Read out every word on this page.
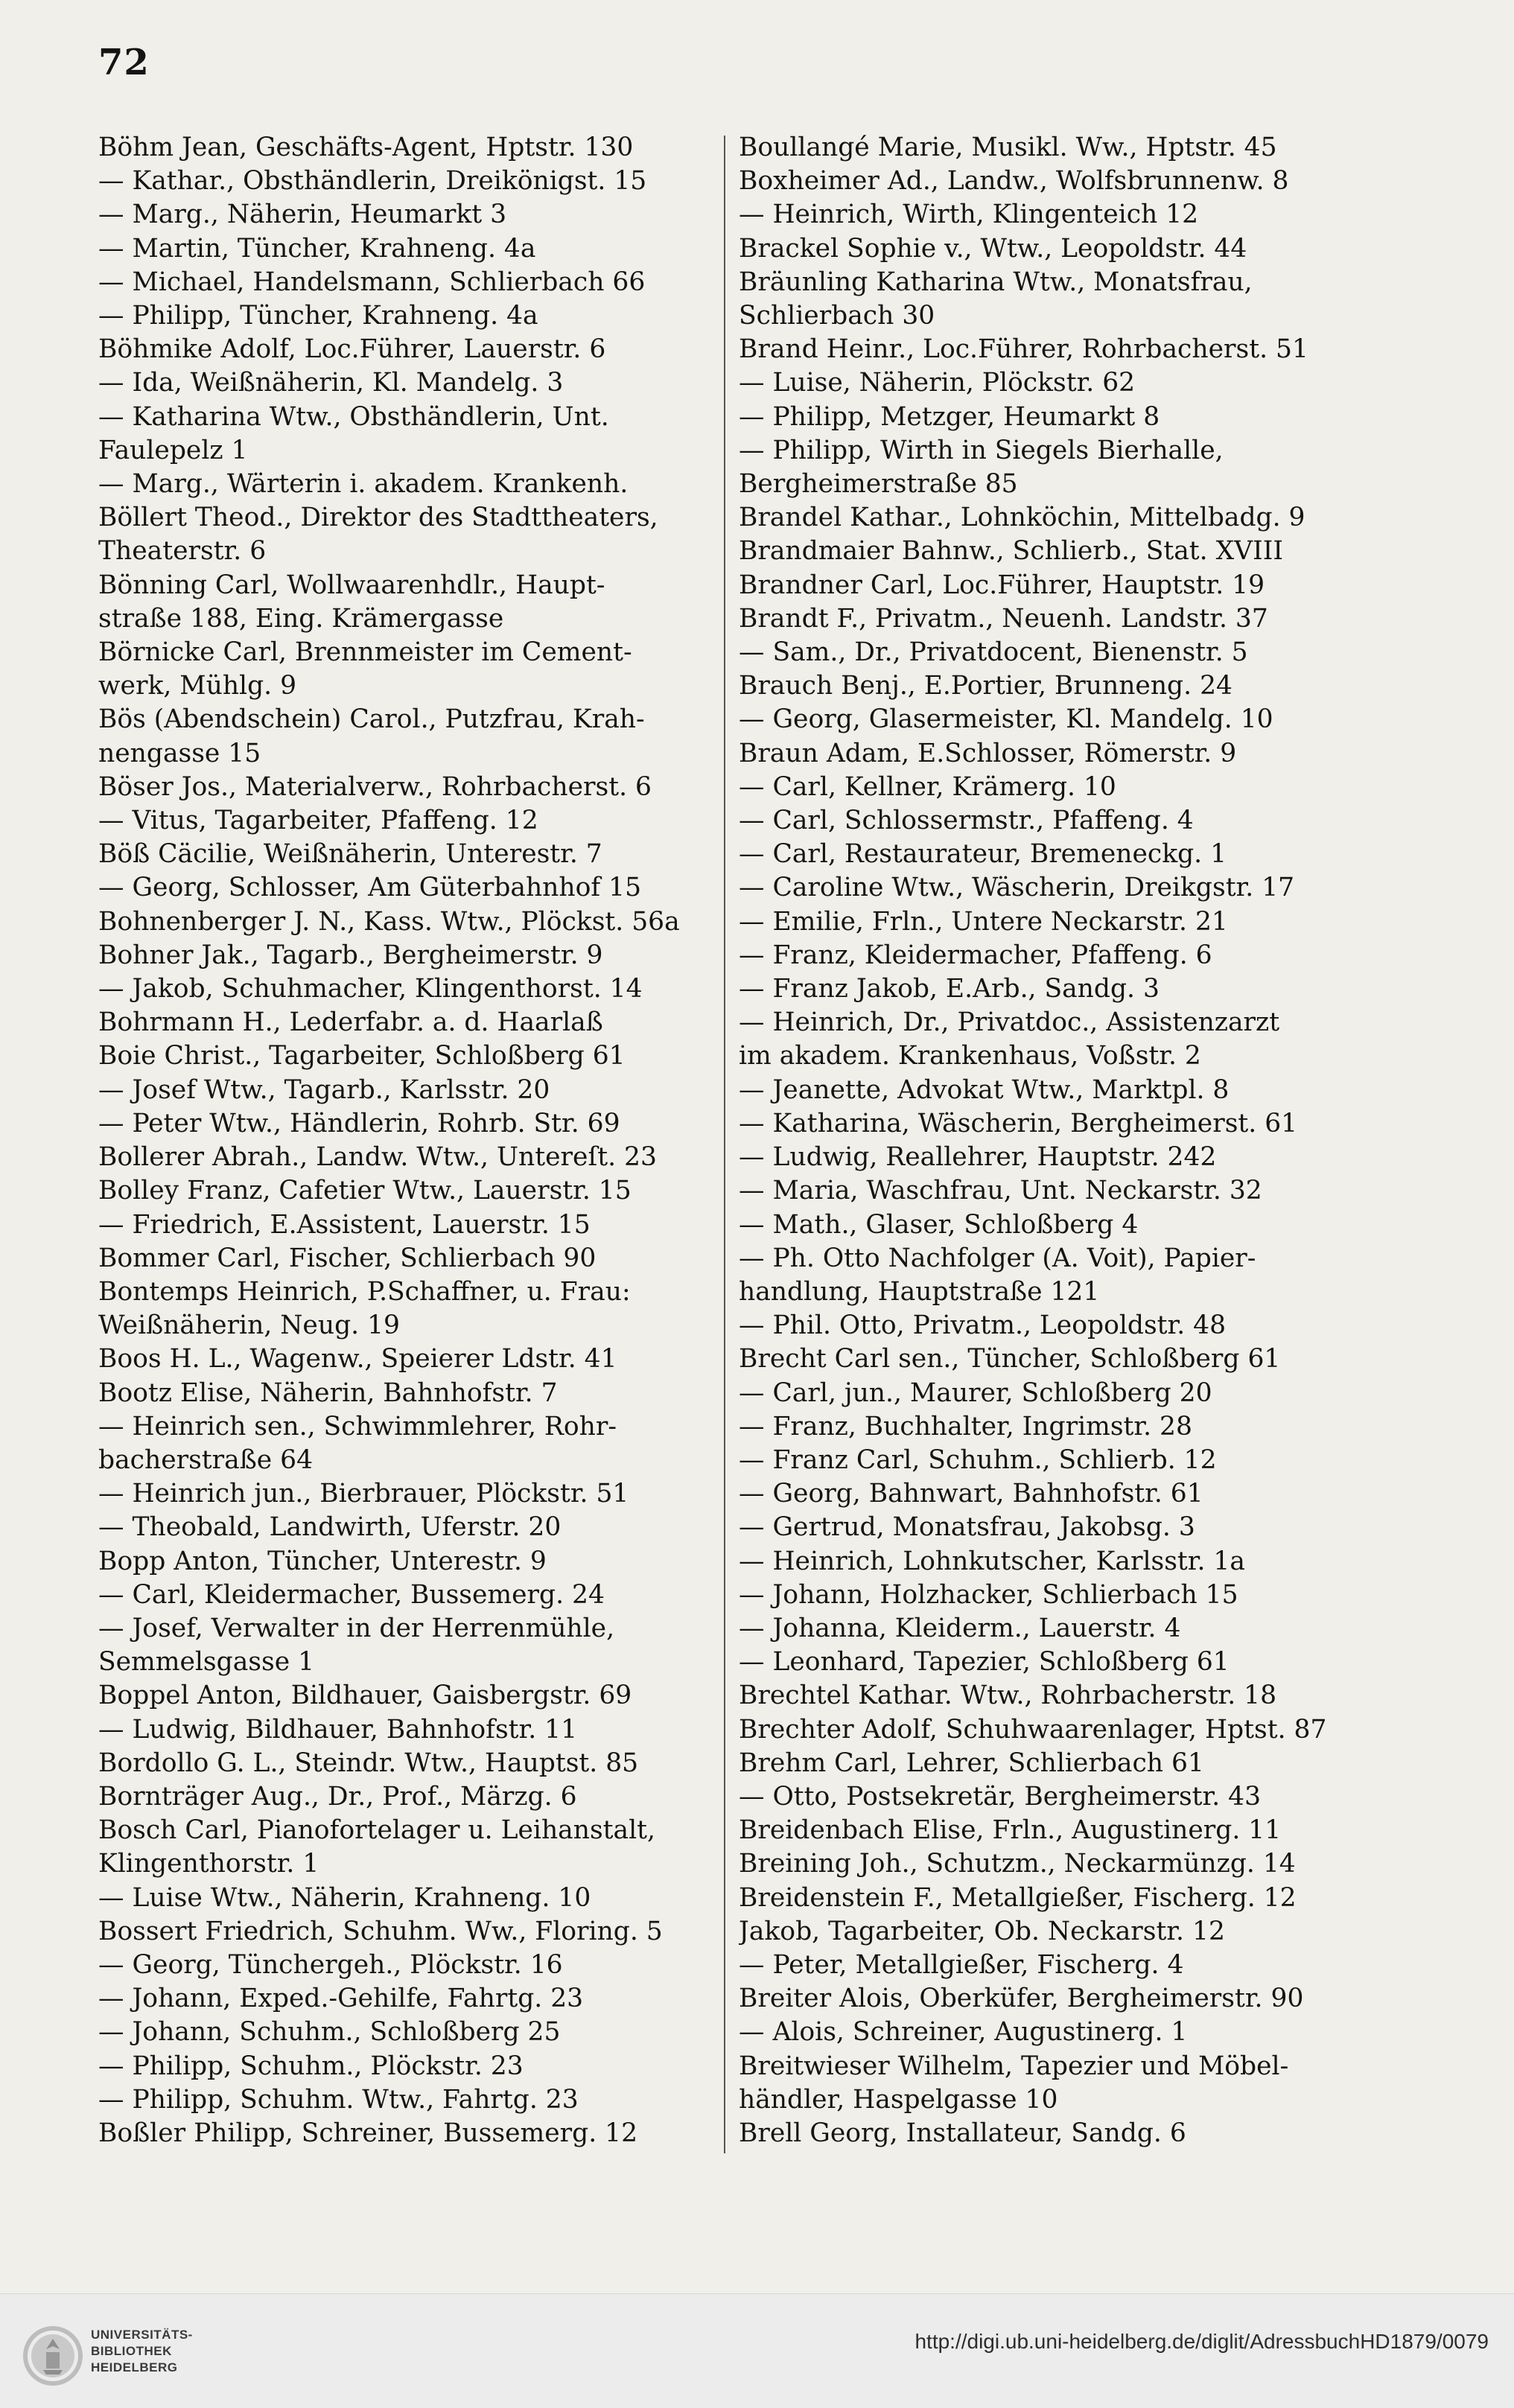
72
Böhm Jean, Geschäfts-Agent, Hptstr. 130
— Kathar., Obsthändlerin, Dreikönigst. 15
— Marg., Näherin, Heumarkt 3
— Martin, Tüncher, Krahneng. 4a
— Michael, Handelsmann, Schlierbach 66
— Philipp, Tüncher, Krahneng. 4a
Böhmike Adolf, Loc.Führer, Lauerstr. 6
— Ida, Weißnäherin, Kl. Mandelg. 3
— Katharina Wtw., Obsthändlerin, Unt.
Faulepelz 1
— Marg., Wärterin i. akadem. Krankenh.
Böllert Theod., Direktor des Stadttheaters,
Theaterstr. 6
Bönning Carl, Wollwaarenhdlr., Haupt-
straße 188, Eing. Krämergasse
Börnicke Carl, Brennmeister im Cement-
werk, Mühlg. 9
Bös (Abendschein) Carol., Putzfrau, Krah-
nengasse 15
Böser Jos., Materialverw., Rohrbacherst. 6
— Vitus, Tagarbeiter, Pfaffeng. 12
Böß Cäcilie, Weißnäherin, Unterestr. 7
— Georg, Schlosser, Am Güterbahnhof 15
Bohnenberger J. N., Kass. Wtw., Plöckst. 56a
Bohner Jak., Tagarb., Bergheimerstr. 9
— Jakob, Schuhmacher, Klingenthorst. 14
Bohrmann H., Lederfabr. a. d. Haarlaß
Boie Christ., Tagarbeiter, Schloßberg 61
— Josef Wtw., Tagarb., Karlsstr. 20
— Peter Wtw., Händlerin, Rohrb. Str. 69
Bollerer Abrah., Landw. Wtw., Untereſt. 23
Bolley Franz, Cafetier Wtw., Lauerstr. 15
— Friedrich, E.Assistent, Lauerstr. 15
Bommer Carl, Fischer, Schlierbach 90
Bontemps Heinrich, P.Schaffner, u. Frau:
Weißnäherin, Neug. 19
Boos H. L., Wagenw., Speierer Ldstr. 41
Bootz Elise, Näherin, Bahnhofstr. 7
— Heinrich sen., Schwimmlehrer, Rohr-
bacherstraße 64
— Heinrich jun., Bierbrauer, Plöckstr. 51
— Theobald, Landwirth, Uferstr. 20
Bopp Anton, Tüncher, Unterestr. 9
— Carl, Kleidermacher, Bussemerg. 24
— Josef, Verwalter in der Herrenmühle,
Semmelsgasse 1
Boppel Anton, Bildhauer, Gaisbergstr. 69
— Ludwig, Bildhauer, Bahnhofstr. 11
Bordollo G. L., Steindr. Wtw., Hauptst. 85
Bornträger Aug., Dr., Prof., Märzg. 6
Bosch Carl, Pianofortelager u. Leihanstalt,
Klingenthorstr. 1
— Luise Wtw., Näherin, Krahneng. 10
Bossert Friedrich, Schuhm. Ww., Floring. 5
— Georg, Tünchergeh., Plöckstr. 16
— Johann, Exped.-Gehilfe, Fahrtg. 23
— Johann, Schuhm., Schloßberg 25
— Philipp, Schuhm., Plöckstr. 23
— Philipp, Schuhm. Wtw., Fahrtg. 23
Boßler Philipp, Schreiner, Bussemerg. 12
Boullangé Marie, Musikl. Ww., Hptstr. 45
Boxheimer Ad., Landw., Wolfsbrunnenw. 8
— Heinrich, Wirth, Klingenteich 12
Brackel Sophie v., Wtw., Leopoldstr. 44
Bräunling Katharina Wtw., Monatsfrau,
Schlierbach 30
Brand Heinr., Loc.Führer, Rohrbacherst. 51
— Luise, Näherin, Plöckstr. 62
— Philipp, Metzger, Heumarkt 8
— Philipp, Wirth in Siegels Bierhalle,
Bergheimerstraße 85
Brandel Kathar., Lohnköchin, Mittelbadg. 9
Brandmaier Bahnw., Schlierb., Stat. XVIII
Brandner Carl, Loc.Führer, Hauptstr. 19
Brandt F., Privatm., Neuenh. Landstr. 37
— Sam., Dr., Privatdocent, Bienenstr. 5
Brauch Benj., E.Portier, Brunneng. 24
— Georg, Glasermeister, Kl. Mandelg. 10
Braun Adam, E.Schlosser, Römerstr. 9
— Carl, Kellner, Krämerg. 10
— Carl, Schlossermstr., Pfaffeng. 4
— Carl, Restaurateur, Bremeneckg. 1
— Caroline Wtw., Wäscherin, Dreikgstr. 17
— Emilie, Frln., Untere Neckarstr. 21
— Franz, Kleidermacher, Pfaffeng. 6
— Franz Jakob, E.Arb., Sandg. 3
— Heinrich, Dr., Privatdoc., Assistenzarzt
im akadem. Krankenhaus, Voßstr. 2
— Jeanette, Advokat Wtw., Marktpl. 8
— Katharina, Wäscherin, Bergheimerst. 61
— Ludwig, Reallehrer, Hauptstr. 242
— Maria, Waschfrau, Unt. Neckarstr. 32
— Math., Glaser, Schloßberg 4
— Ph. Otto Nachfolger (A. Voit), Papier-
handlung, Hauptstraße 121
— Phil. Otto, Privatm., Leopoldstr. 48
Brecht Carl sen., Tüncher, Schloßberg 61
— Carl, jun., Maurer, Schloßberg 20
— Franz, Buchhalter, Ingrimstr. 28
— Franz Carl, Schuhm., Schlierb. 12
— Georg, Bahnwart, Bahnhofstr. 61
— Gertrud, Monatsfrau, Jakobsg. 3
— Heinrich, Lohnkutscher, Karlsstr. 1a
— Johann, Holzhacker, Schlierbach 15
— Johanna, Kleiderm., Lauerstr. 4
— Leonhard, Tapezier, Schloßberg 61
Brechtel Kathar. Wtw., Rohrbacherstr. 18
Brechter Adolf, Schuhwaarenlager, Hptst. 87
Brehm Carl, Lehrer, Schlierbach 61
— Otto, Postsekretär, Bergheimerstr. 43
Breidenbach Elise, Frln., Augustinerg. 11
Breining Joh., Schutzm., Neckarmünzg. 14
Breidenstein F., Metallgießer, Fischerg. 12
Jakob, Tagarbeiter, Ob. Neckarstr. 12
— Peter, Metallgießer, Fischerg. 4
Breiter Alois, Oberküfer, Bergheimerstr. 90
— Alois, Schreiner, Augustinerg. 1
Breitwieser Wilhelm, Tapezier und Möbel-
händler, Haspelgasse 10
Brell Georg, Installateur, Sandg. 6
UNIVERSITÄTS-
BIBLIOTHEK
HEIDELBERG
http://digi.ub.uni-heidelberg.de/diglit/AdressbuchHD1879/0079
